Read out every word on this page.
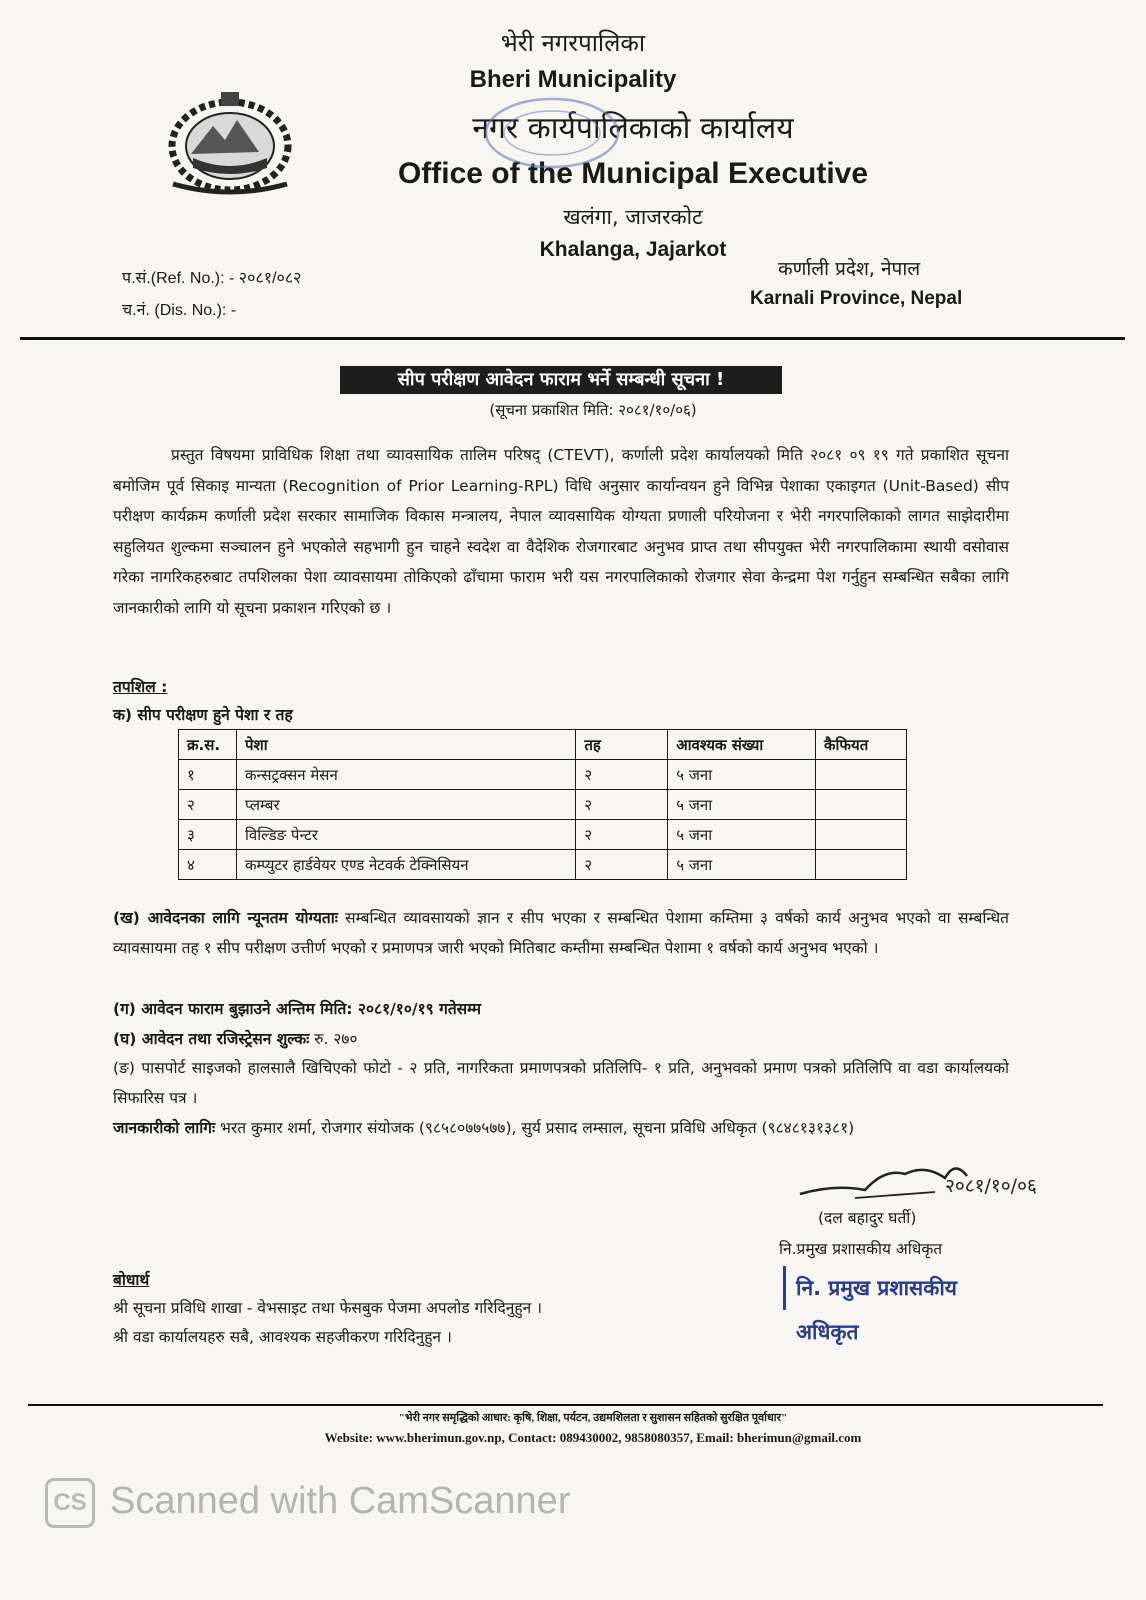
भेरी नगरपालिका
Bheri Municipality
नगर कार्यपालिकाको कार्यालय
Office of the Municipal Executive
खलंगा, जाजरकोट
Khalanga, Jajarkot
प.सं.(Ref. No.): - २०८१/०८२
च.नं. (Dis. No.): -
कर्णाली प्रदेश, नेपाल
Karnali Province, Nepal
सीप परीक्षण आवेदन फाराम भर्ने सम्बन्धी सूचना !
(सूचना प्रकाशित मिति: २०८१/१०/०६)
प्रस्तुत विषयमा प्राविधिक शिक्षा तथा व्यावसायिक तालिम परिषद् (CTEVT), कर्णाली प्रदेश कार्यालयको मिति २०८१ ०९ १९ गते प्रकाशित सूचना बमोजिम पूर्व सिकाइ मान्यता (Recognition of Prior Learning-RPL) विधि अनुसार कार्यान्वयन हुने विभिन्न पेशाका एकाइगत (Unit-Based) सीप परीक्षण कार्यक्रम कर्णाली प्रदेश सरकार सामाजिक विकास मन्त्रालय, नेपाल व्यावसायिक योग्यता प्रणाली परियोजना र भेरी नगरपालिकाको लागत साझेदारीमा सहुलियत शुल्कमा सञ्चालन हुने भएकोले सहभागी हुन चाहने स्वदेश वा वैदेशिक रोजगारबाट अनुभव प्राप्त तथा सीपयुक्त भेरी नगरपालिकामा स्थायी वसोवास गरेका नागरिकहरुबाट तपशिलका पेशा व्यावसायमा तोकिएको ढाँचामा फाराम भरी यस नगरपालिकाको रोजगार सेवा केन्द्रमा पेश गर्नुहुन सम्बन्धित सबैका लागि जानकारीको लागि यो सूचना प्रकाशन गरिएको छ ।
तपशिल :
क) सीप परीक्षण हुने पेशा र तह
क्र.स.	पेशा	तह	आवश्यक संख्या	कैफियत
१	कन्सट्रक्सन मेसन	२	५ जना	
२	प्लम्बर	२	५ जना	
३	विल्डिङ पेन्टर	२	५ जना	
४	कम्प्युटर हार्डवेयर एण्ड नेटवर्क टेक्निसियन	२	५ जना	
(ख) आवेदनका लागि न्यूनतम योग्यताः सम्बन्धित व्यावसायको ज्ञान र सीप भएका र सम्बन्धित पेशामा कम्तिमा ३ वर्षको कार्य अनुभव भएको वा सम्बन्धित व्यावसायमा तह १ सीप परीक्षण उत्तीर्ण भएको र प्रमाणपत्र जारी भएको मितिबाट कम्तीमा सम्बन्धित पेशामा १ वर्षको कार्य अनुभव भएको ।
(ग) आवेदन फाराम बुझाउने अन्तिम मिति: २०८१/१०/१९ गतेसम्म
(घ) आवेदन तथा रजिस्ट्रेसन शुल्कः रु. २७०
(ङ) पासपोर्ट साइजको हालसालै खिचिएको फोटो - २ प्रति, नागरिकता प्रमाणपत्रको प्रतिलिपि- १ प्रति, अनुभवको प्रमाण पत्रको प्रतिलिपि वा वडा कार्यालयको सिफारिस पत्र ।
जानकारीको लागिः भरत कुमार शर्मा, रोजगार संयोजक (९८५८०७७५७७), सुर्य प्रसाद लम्साल, सूचना प्रविधि अधिकृत (९८४८१३१३८१)
२०८१/१०/०६
(दल बहादुर घर्ती)
नि.प्रमुख प्रशासकीय अधिकृत
नि. प्रमुख प्रशासकीय अधिकृत
बोधार्थ
श्री सूचना प्रविधि शाखा - वेभसाइट तथा फेसबुक पेजमा अपलोड गरिदिनुहुन ।
श्री वडा कार्यालयहरु सबै, आवश्यक सहजीकरण गरिदिनुहुन ।
"भेरी नगर समृद्धिको आधार: कृषि, शिक्षा, पर्यटन, उद्यमशिलता र सुशासन सहितको सुरक्षित पूर्वाधार"
Website: www.bherimun.gov.np, Contact: 089430002, 9858080357, Email: bherimun@gmail.com
CS Scanned with CamScanner
